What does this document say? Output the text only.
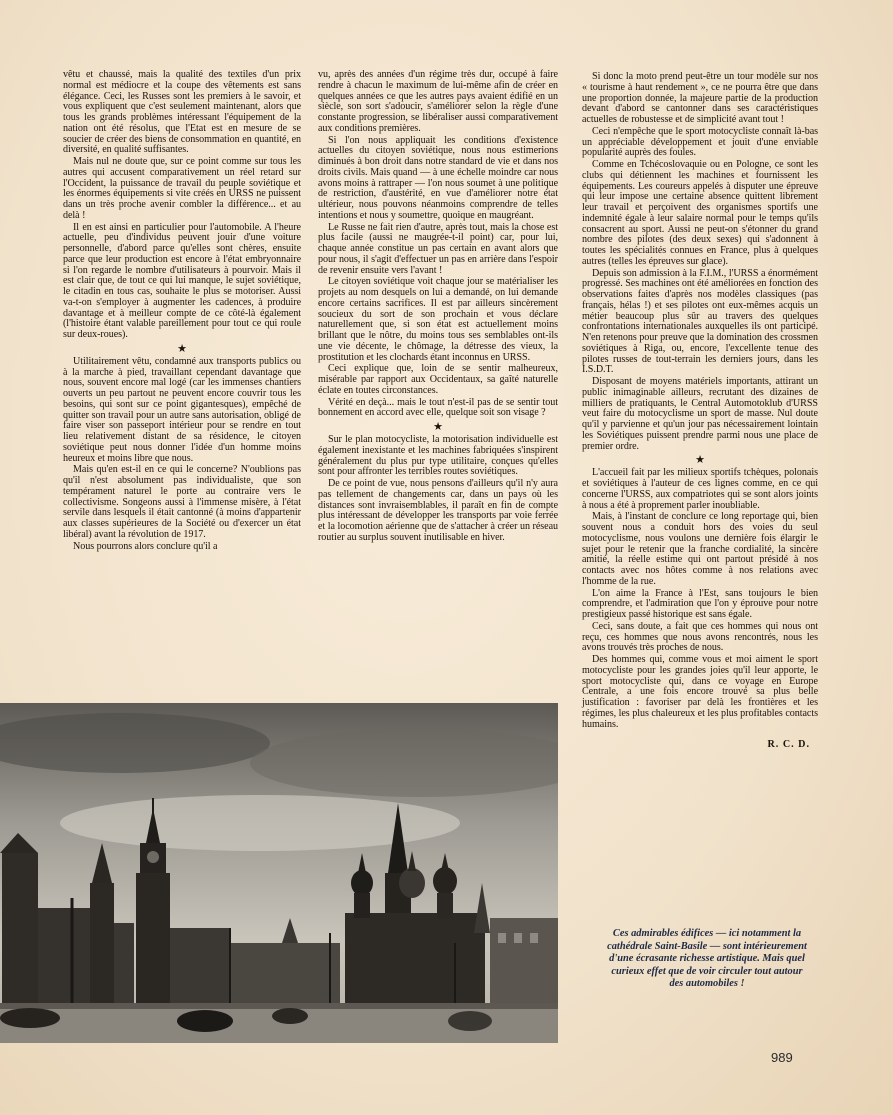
vêtu et chaussé, mais la qualité des textiles d'un prix normal est médiocre et la coupe des vêtements est sans élégance. Ceci, les Russes sont les premiers à le savoir, et vous expliquent que c'est seulement maintenant, alors que tous les grands problèmes intéressant l'équipement de la nation ont été résolus, que l'Etat est en mesure de se soucier de créer des biens de consommation en quantité, en diversité, en qualité suffisantes.

Mais nul ne doute que, sur ce point comme sur tous les autres qui accusent comparativement un réel retard sur l'Occident, la puissance de travail du peuple soviétique et les énormes équipements si vite créés en URSS ne puissent dans un très proche avenir combler la différence... et au delà !

Il en est ainsi en particulier pour l'automobile. A l'heure actuelle, peu d'individus peuvent jouir d'une voiture personnelle, d'abord parce qu'elles sont chères, ensuite parce que leur production est encore à l'état embryonnaire si l'on regarde le nombre d'utilisateurs à pourvoir. Mais il est clair que, de tout ce qui lui manque, le sujet soviétique, le citadin en tous cas, souhaite le plus se motoriser. Aussi va-t-on s'employer à augmenter les cadences, à produire davantage et à meilleur compte de ce côté-là également (l'histoire étant valable pareillement pour tout ce qui roule sur deux-roues).

★

Utilitairement vêtu, condamné aux transports publics ou à la marche à pied, travaillant cependant davantage que nous, souvent encore mal logé (car les immenses chantiers ouverts un peu partout ne peuvent encore couvrir tous les besoins, qui sont sur ce point gigantesques), empêché de quitter son travail pour un autre sans autorisation, obligé de faire viser son passeport intérieur pour se rendre en tout lieu relativement distant de sa résidence, le citoyen soviétique peut nous donner l'idée d'un homme moins heureux et moins libre que nous.

Mais qu'en est-il en ce qui le concerne? N'oublions pas qu'il n'est absolument pas individualiste, que son tempérament naturel le porte au contraire vers le collectivisme. Songeons aussi à l'immense misère, à l'état servile dans lesquels il était cantonné (à moins d'appartenir aux classes supérieures de la Société ou d'exercer un état libéral) avant la révolution de 1917.

Nous pourrons alors conclure qu'il a

vu, après des années d'un régime très dur, occupé à faire rendre à chacun le maximum de lui-même afin de créer en quelques années ce que les autres pays avaient édifié en un siècle, son sort s'adoucir, s'améliorer selon la règle d'une constante progression, se libéraliser aussi comparativement aux conditions premières.

Si l'on nous appliquait les conditions d'existence actuelles du citoyen soviétique, nous nous estimerions diminués à bon droit dans notre standard de vie et dans nos droits civils. Mais quand — à une échelle moindre car nous avons moins à rattraper — l'on nous soumet à une politique de restriction, d'austérité, en vue d'améliorer notre état ultérieur, nous pouvons néanmoins comprendre de telles intentions et nous y soumettre, quoique en maugréant.

Le Russe ne fait rien d'autre, après tout, mais la chose est plus facile (aussi ne maugrée-t-il point) car, pour lui, chaque année constitue un pas certain en avant alors que pour nous, il s'agit d'effectuer un pas en arrière dans l'espoir de revenir ensuite vers l'avant !

Le citoyen soviétique voit chaque jour se matérialiser les projets au nom desquels on lui a demandé, on lui demande encore certains sacrifices. Il est par ailleurs sincèrement soucieux du sort de son prochain et vous déclare naturellement que, si son état est actuellement moins brillant que le nôtre, du moins tous ses semblables ont-ils une vie décente, le chômage, la détresse des vieux, la prostitution et les clochards étant inconnus en URSS.

Ceci explique que, loin de se sentir malheureux, misérable par rapport aux Occidentaux, sa gaîté naturelle éclate en toutes circonstances.

Vérité en deçà... mais le tout n'est-il pas de se sentir tout bonnement en accord avec elle, quelque soit son visage ?

★

Sur le plan motocycliste, la motorisation individuelle est également inexistante et les machines fabriquées s'inspirent généralement du plus pur type utilitaire, conçues qu'elles sont pour affronter les terribles routes soviétiques.

De ce point de vue, nous pensons d'ailleurs qu'il n'y aura pas tellement de changements car, dans un pays où les distances sont invraisemblables, il paraît en fin de compte plus intéressant de développer les transports par voie ferrée et la locomotion aérienne que de s'attacher à créer un réseau routier au surplus souvent inutilisable en hiver.

Si donc la moto prend peut-être un tour modèle sur nos « tourisme à haut rendement », ce ne pourra être que dans une proportion donnée, la majeure partie de la production devant d'abord se cantonner dans ses caractéristiques actuelles de robustesse et de simplicité avant tout !

Ceci n'empêche que le sport motocycliste connaît là-bas un appréciable développement et jouit d'une enviable popularité auprès des foules.

Comme en Tchécoslovaquie ou en Pologne, ce sont les clubs qui détiennent les machines et fournissent les équipements. Les coureurs appelés à disputer une épreuve qui leur impose une certaine absence quittent librement leur travail et perçoivent des organismes sportifs une indemnité égale à leur salaire normal pour le temps qu'ils consacrent au sport. Aussi ne peut-on s'étonner du grand nombre des pilotes (des deux sexes) qui s'adonnent à toutes les spécialités connues en France, plus à quelques autres (telles les épreuves sur glace).

Depuis son admission à la F.I.M., l'URSS a énormément progressé. Ses machines ont été améliorées en fonction des observations faites d'après nos modèles classiques (pas français, hélas !) et ses pilotes ont eux-mêmes acquis un métier beaucoup plus sûr au travers des quelques confrontations internationales auxquelles ils ont participé. N'en retenons pour preuve que la domination des crossmen soviétiques à Riga, ou, encore, l'excellente tenue des pilotes russes de tout-terrain les derniers jours, dans les I.S.D.T.

Disposant de moyens matériels importants, attirant un public inimaginable ailleurs, recrutant des dizaines de milliers de pratiquants, le Central Automotoklub d'URSS veut faire du motocyclisme un sport de masse. Nul doute qu'il y parvienne et qu'un jour pas nécessairement lointain les Soviétiques puissent prendre parmi nous une place de premier ordre.

★

L'accueil fait par les milieux sportifs tchèques, polonais et soviétiques à l'auteur de ces lignes comme, en ce qui concerne l'URSS, aux compatriotes qui se sont alors joints à nous a été à proprement parler inoubliable.

Mais, à l'instant de conclure ce long reportage qui, bien souvent nous a conduit hors des voies du seul motocyclisme, nous voulons une dernière fois élargir le sujet pour le retenir que la franche cordialité, la sincère amitié, la réelle estime qui ont partout présidé à nos contacts avec nos hôtes comme à nos relations avec l'homme de la rue.

L'on aime la France à l'Est, sans toujours le bien comprendre, et l'admiration que l'on y éprouve pour notre prestigieux passé historique est sans égale.

Ceci, sans doute, a fait que ces hommes qui nous ont reçu, ces hommes que nous avons rencontrés, nous les avons trouvés très proches de nous.

Des hommes qui, comme vous et moi aiment le sport motocycliste pour les grandes joies qu'il leur apporte, le sport motocycliste qui, dans ce voyage en Europe Centrale, a une fois encore trouvé sa plus belle justification : favoriser par delà les frontières et les régimes, les plus chaleureux et les plus profitables contacts humains.

R. C. D.

Ces admirables édifices — ici notamment la cathédrale Saint-Basile — sont intérieurement d'une écrasante richesse artistique. Mais quel curieux effet que de voir circuler tout autour des automobiles !
989
